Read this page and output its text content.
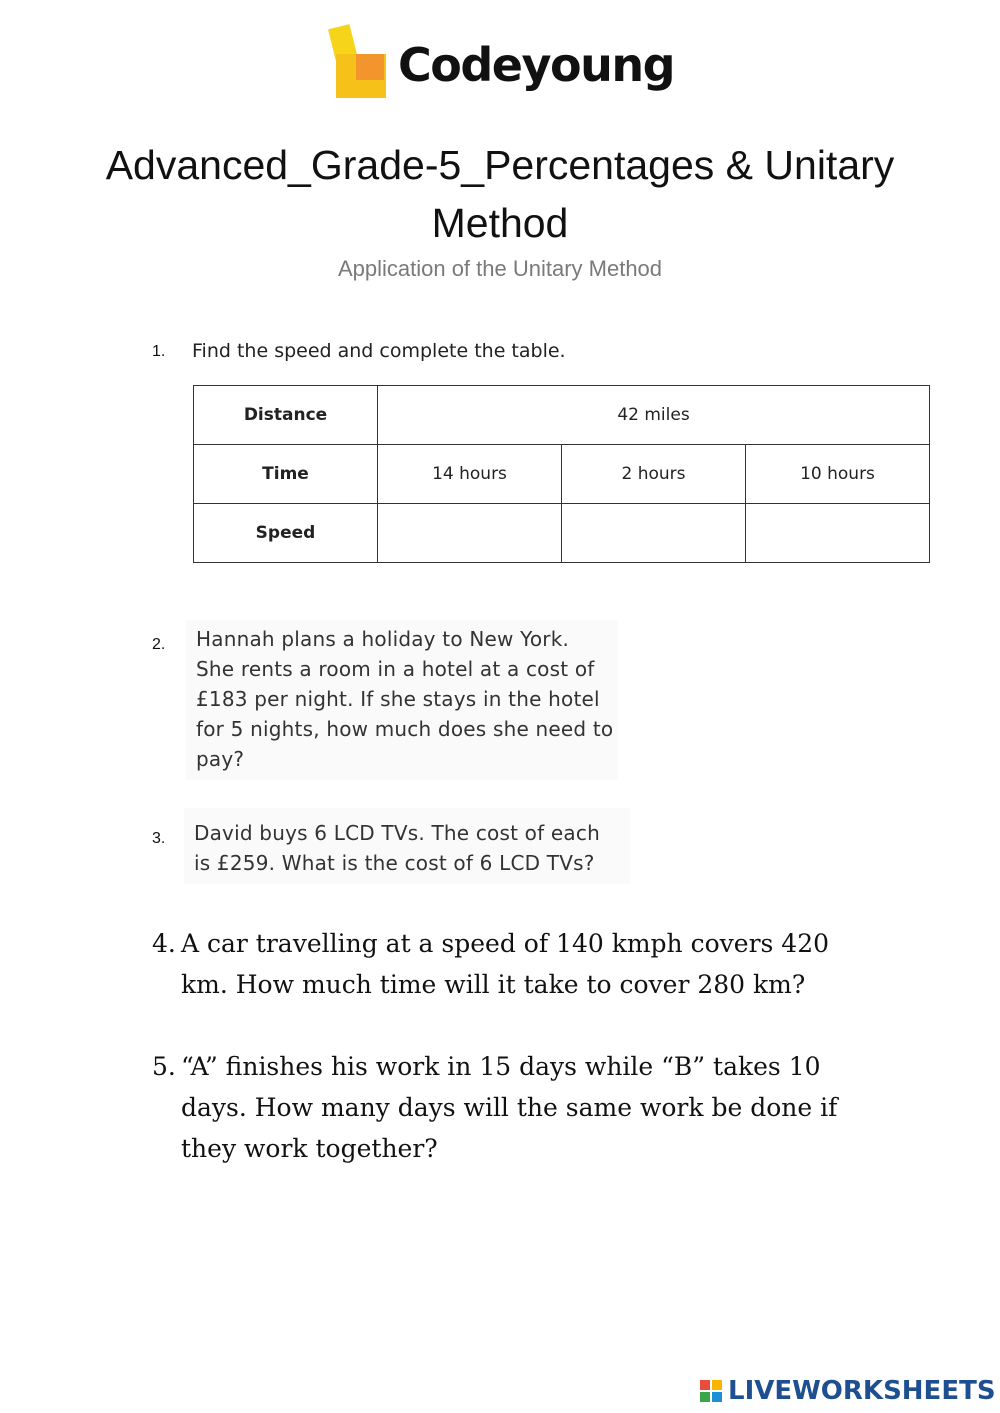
Codeyoung
Advanced_Grade-5_Percentages & Unitary Method
Application of the Unitary Method
1. Find the speed and complete the table.
Distance	42 miles		
Time	14 hours	2 hours	10 hours
Speed			
2. Hannah plans a holiday to New York.
She rents a room in a hotel at a cost of
£183 per night. If she stays in the hotel
for 5 nights, how much does she need to
pay?
3. David buys 6 LCD TVs. The cost of each
is £259. What is the cost of 6 LCD TVs?
4. A car travelling at a speed of 140 kmph covers 420
km. How much time will it take to cover 280 km?
5. “A” finishes his work in 15 days while “B” takes 10
days. How many days will the same work be done if
they work together?
LIVEWORKSHEETS
